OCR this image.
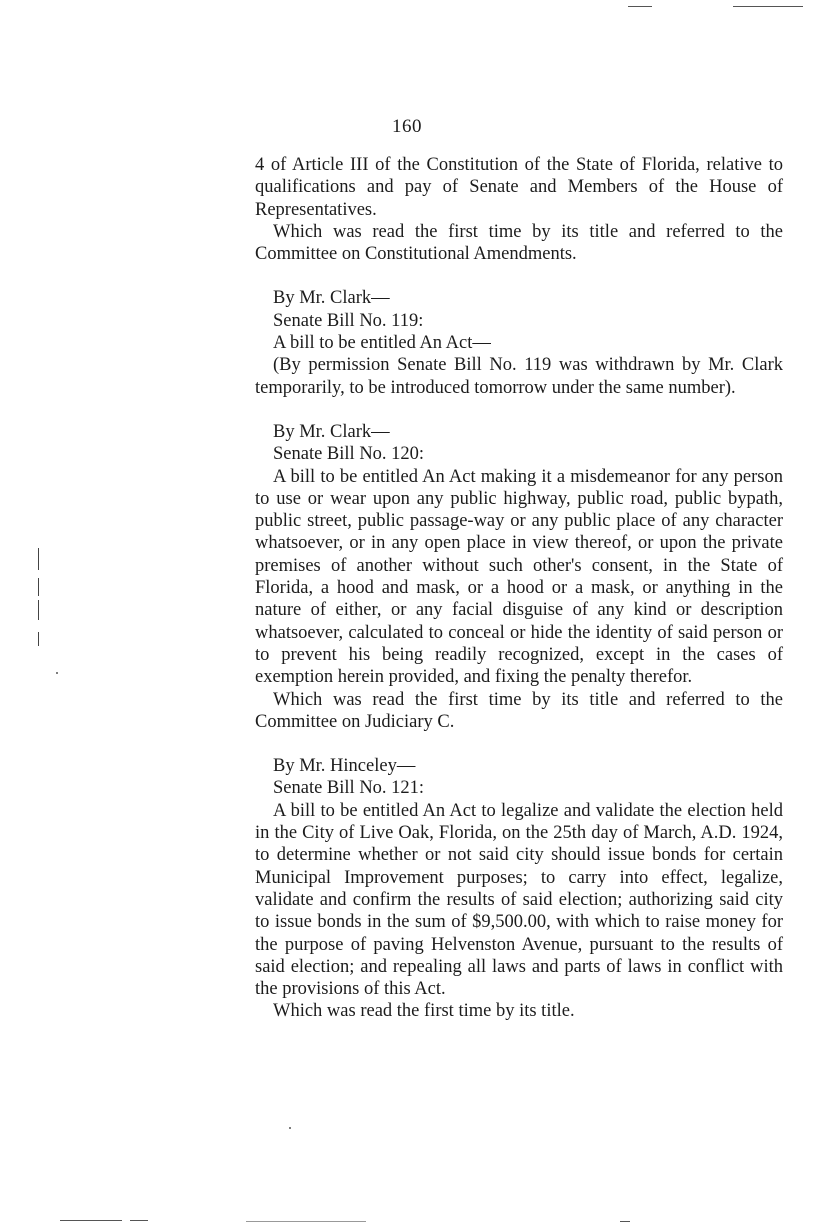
160

4 of Article III of the Constitution of the State of Florida, relative to qualifications and pay of Senate and Members of the House of Representatives.

Which was read the first time by its title and referred to the Committee on Constitutional Amendments.

By Mr. Clark—
Senate Bill No. 119:
A bill to be entitled An Act—

(By permission Senate Bill No. 119 was withdrawn by Mr. Clark temporarily, to be introduced tomorrow under the same number).

By Mr. Clark—
Senate Bill No. 120:

A bill to be entitled An Act making it a misdemeanor for any person to use or wear upon any public highway, public road, public bypath, public street, public passage-way or any public place of any character whatsoever, or in any open place in view thereof, or upon the private premises of another without such other's consent, in the State of Florida, a hood and mask, or a hood or a mask, or anything in the nature of either, or any facial disguise of any kind or description whatsoever, calculated to conceal or hide the identity of said person or to prevent his being readily recognized, except in the cases of exemption herein provided, and fixing the penalty therefor.

Which was read the first time by its title and referred to the Committee on Judiciary C.

By Mr. Hinceley—
Senate Bill No. 121:

A bill to be entitled An Act to legalize and validate the election held in the City of Live Oak, Florida, on the 25th day of March, A.D. 1924, to determine whether or not said city should issue bonds for certain Municipal Improvement purposes; to carry into effect, legalize, validate and confirm the results of said election; authorizing said city to issue bonds in the sum of $9,500.00, with which to raise money for the purpose of paving Helvenston Avenue, pursuant to the results of said election; and repealing all laws and parts of laws in conflict with the provisions of this Act.

Which was read the first time by its title.
